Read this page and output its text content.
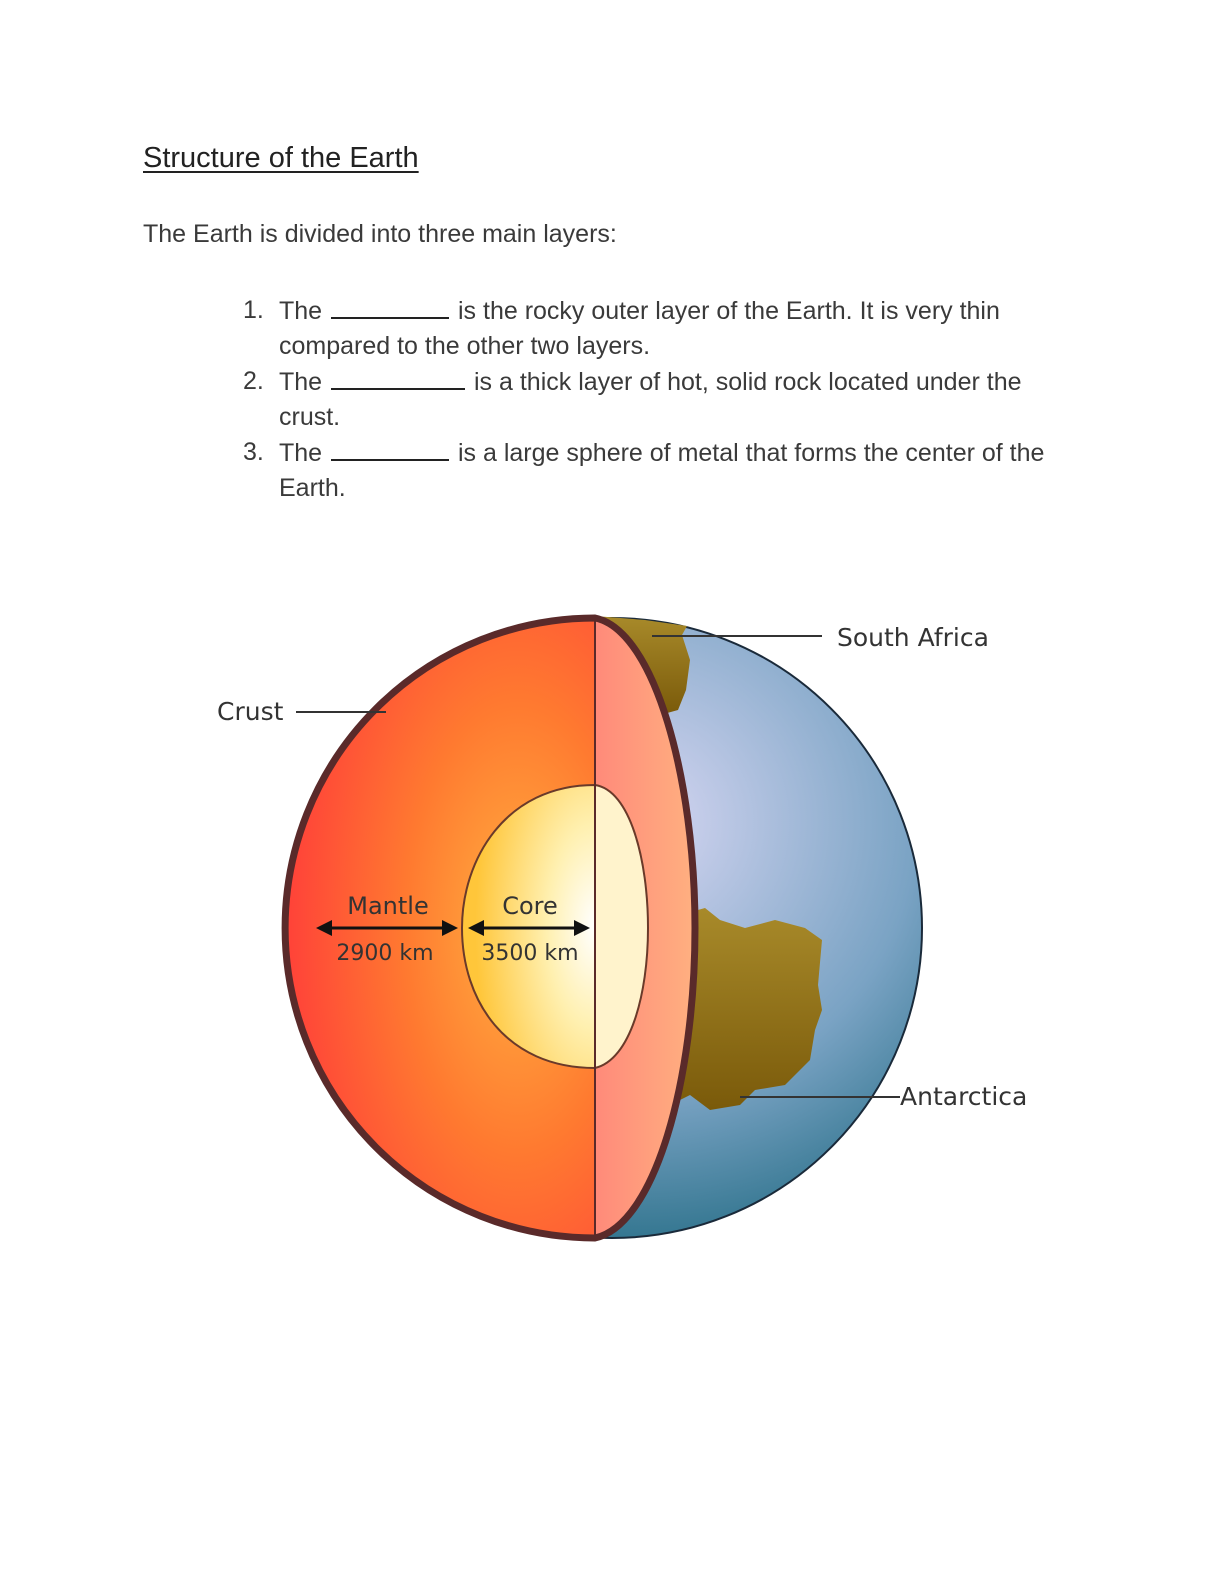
Structure of the Earth
The Earth is divided into three main layers:
1. The	is the rocky outer layer of the Earth. It is very thin compared to the other two layers.
2. The	is a thick layer of hot, solid rock located under the crust.
3. The	is a large sphere of metal that forms the center of the Earth.
Crust
South Africa
Antarctica
Mantle
2900 km
Core
3500 km
